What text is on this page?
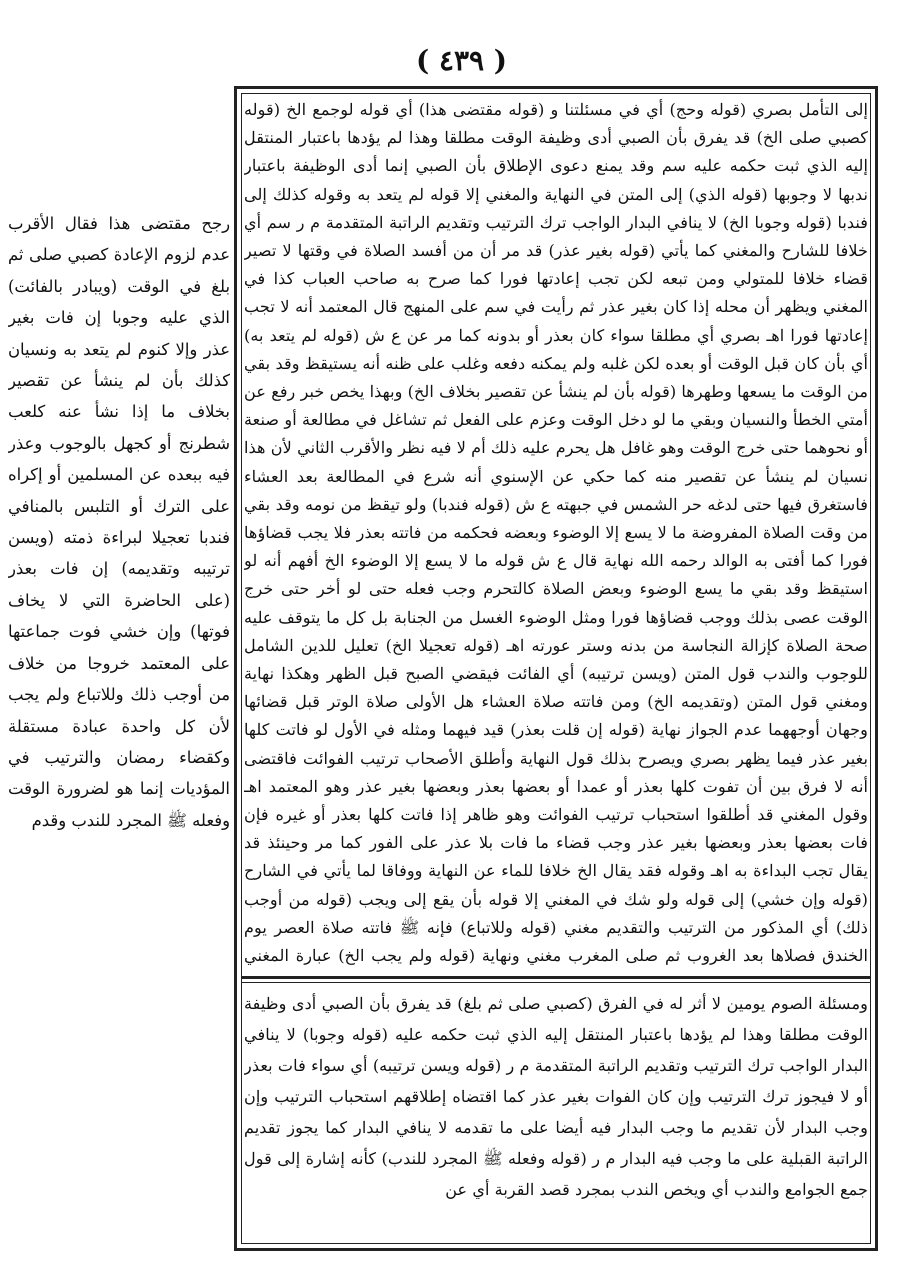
( ٤٣٩ )

إلى التأمل بصري (قوله وحج) أي في مسئلتنا و (قوله مقتضى هذا) أي قوله لوجمع الخ (قوله كصبي صلى الخ) قد يفرق بأن الصبي أدى وظيفة الوقت مطلقا وهذا لم يؤدها باعتبار المنتقل إليه الذي ثبت حكمه عليه سم وقد يمنع دعوى الإطلاق بأن الصبي إنما أدى الوظيفة باعتبار ندبها لا وجوبها (قوله الذي) إلى المتن في النهاية والمغني إلا قوله لم يتعد به وقوله كذلك إلى فندبا (قوله وجوبا الخ) لا ينافي البدار الواجب ترك الترتيب وتقديم الراتبة المتقدمة م ر سم أي خلافا للشارح والمغني كما يأتي (قوله بغير عذر) قد مر أن من أفسد الصلاة في وقتها لا تصير قضاء خلافا للمتولي ومن تبعه لكن تجب إعادتها فورا كما صرح به صاحب العباب كذا في المغني ويظهر أن محله إذا كان بغير عذر ثم رأيت في سم على المنهج قال المعتمد أنه لا تجب إعادتها فورا اهـ بصري أي مطلقا سواء كان بعذر أو بدونه كما مر عن ع ش (قوله لم يتعد به) أي بأن كان قبل الوقت أو بعده لكن غلبه ولم يمكنه دفعه وغلب على ظنه أنه يستيقظ وقد بقي من الوقت ما يسعها وطهرها (قوله بأن لم ينشأ عن تقصير بخلاف الخ) وبهذا يخص خبر رفع عن أمتي الخطأ والنسيان وبقي ما لو دخل الوقت وعزم على الفعل ثم تشاغل في مطالعة أو صنعة أو نحوهما حتى خرج الوقت وهو غافل هل يحرم عليه ذلك أم لا فيه نظر والأقرب الثاني لأن هذا نسيان لم ينشأ عن تقصير منه كما حكي عن الإسنوي أنه شرع في المطالعة بعد العشاء فاستغرق فيها حتى لدغه حر الشمس في جبهته ع ش (قوله فندبا) ولو تيقظ من نومه وقد بقي من وقت الصلاة المفروضة ما لا يسع إلا الوضوء وبعضه فحكمه من فاتته بعذر فلا يجب قضاؤها فورا كما أفتى به الوالد رحمه الله نهاية قال ع ش قوله ما لا يسع إلا الوضوء الخ أفهم أنه لو استيقظ وقد بقي ما يسع الوضوء وبعض الصلاة كالتحرم وجب فعله حتى لو أخر حتى خرج الوقت عصى بذلك ووجب قضاؤها فورا ومثل الوضوء الغسل من الجنابة بل كل ما يتوقف عليه صحة الصلاة كإزالة النجاسة من بدنه وستر عورته اهـ (قوله تعجيلا الخ) تعليل للدين الشامل للوجوب والندب قول المتن (ويسن ترتيبه) أي الفائت فيقضي الصبح قبل الظهر وهكذا نهاية ومغني قول المتن (وتقديمه الخ) ومن فاتته صلاة العشاء هل الأولى صلاة الوتر قبل قضائها وجهان أوجههما عدم الجواز نهاية (قوله إن قلت بعذر) قيد فيهما ومثله في الأول لو فاتت كلها بغير عذر فيما يظهر بصري ويصرح بذلك قول النهاية وأطلق الأصحاب ترتيب الفوائت فاقتضى أنه لا فرق بين أن تفوت كلها بعذر أو عمدا أو بعضها بعذر وبعضها بغير عذر وهو المعتمد اهـ وقول المغني قد أطلقوا استحباب ترتيب الفوائت وهو ظاهر إذا فاتت كلها بعذر أو غيره فإن فات بعضها بعذر وبعضها بغير عذر وجب قضاء ما فات بلا عذر على الفور كما مر وحينئذ قد يقال تجب البداءة به اهـ وقوله فقد يقال الخ خلافا للماء عن النهاية ووفاقا لما يأتي في الشارح (قوله وإن خشي) إلى قوله ولو شك في المغني إلا قوله بأن يقع إلى ويجب (قوله من أوجب ذلك) أي المذكور من الترتيب والتقديم مغني (قوله وللاتباع) فإنه ﷺ فاتته صلاة العصر يوم الخندق فصلاها بعد الغروب ثم صلى المغرب مغني ونهاية (قوله ولم يجب الخ) عبارة المغني

ومسئلة الصوم يومين لا أثر له في الفرق (كصبي صلى ثم بلغ) قد يفرق بأن الصبي أدى وظيفة الوقت مطلقا وهذا لم يؤدها باعتبار المنتقل إليه الذي ثبت حكمه عليه (قوله وجوبا) لا ينافي البدار الواجب ترك الترتيب وتقديم الراتبة المتقدمة م ر (قوله ويسن ترتيبه) أي سواء فات بعذر أو لا فيجوز ترك الترتيب وإن كان الفوات بغير عذر كما اقتضاه إطلاقهم استحباب الترتيب وإن وجب البدار لأن تقديم ما وجب البدار فيه أيضا على ما تقدمه لا ينافي البدار كما يجوز تقديم الراتبة القبلية على ما وجب فيه البدار م ر (قوله وفعله ﷺ المجرد للندب) كأنه إشارة إلى قول جمع الجوامع والندب أي ويخص الندب بمجرد قصد القربة أي عن

رجح مقتضى هذا فقال الأقرب عدم لزوم الإعادة كصبي صلى ثم بلغ في الوقت (ويبادر بالفائت) الذي عليه وجوبا إن فات بغير عذر وإلا كنوم لم يتعد به ونسيان كذلك بأن لم ينشأ عن تقصير بخلاف ما إذا نشأ عنه كلعب شطرنج أو كجهل بالوجوب وعذر فيه ببعده عن المسلمين أو إكراه على الترك أو التلبس بالمنافي فندبا تعجيلا لبراءة ذمته (ويسن ترتيبه وتقديمه) إن فات بعذر (على الحاضرة التي لا يخاف فوتها) وإن خشي فوت جماعتها على المعتمد خروجا من خلاف من أوجب ذلك وللاتباع ولم يجب لأن كل واحدة عبادة مستقلة وكقضاء رمضان والترتيب في المؤديات إنما هو لضرورة الوقت وفعله ﷺ المجرد للندب وقدم
